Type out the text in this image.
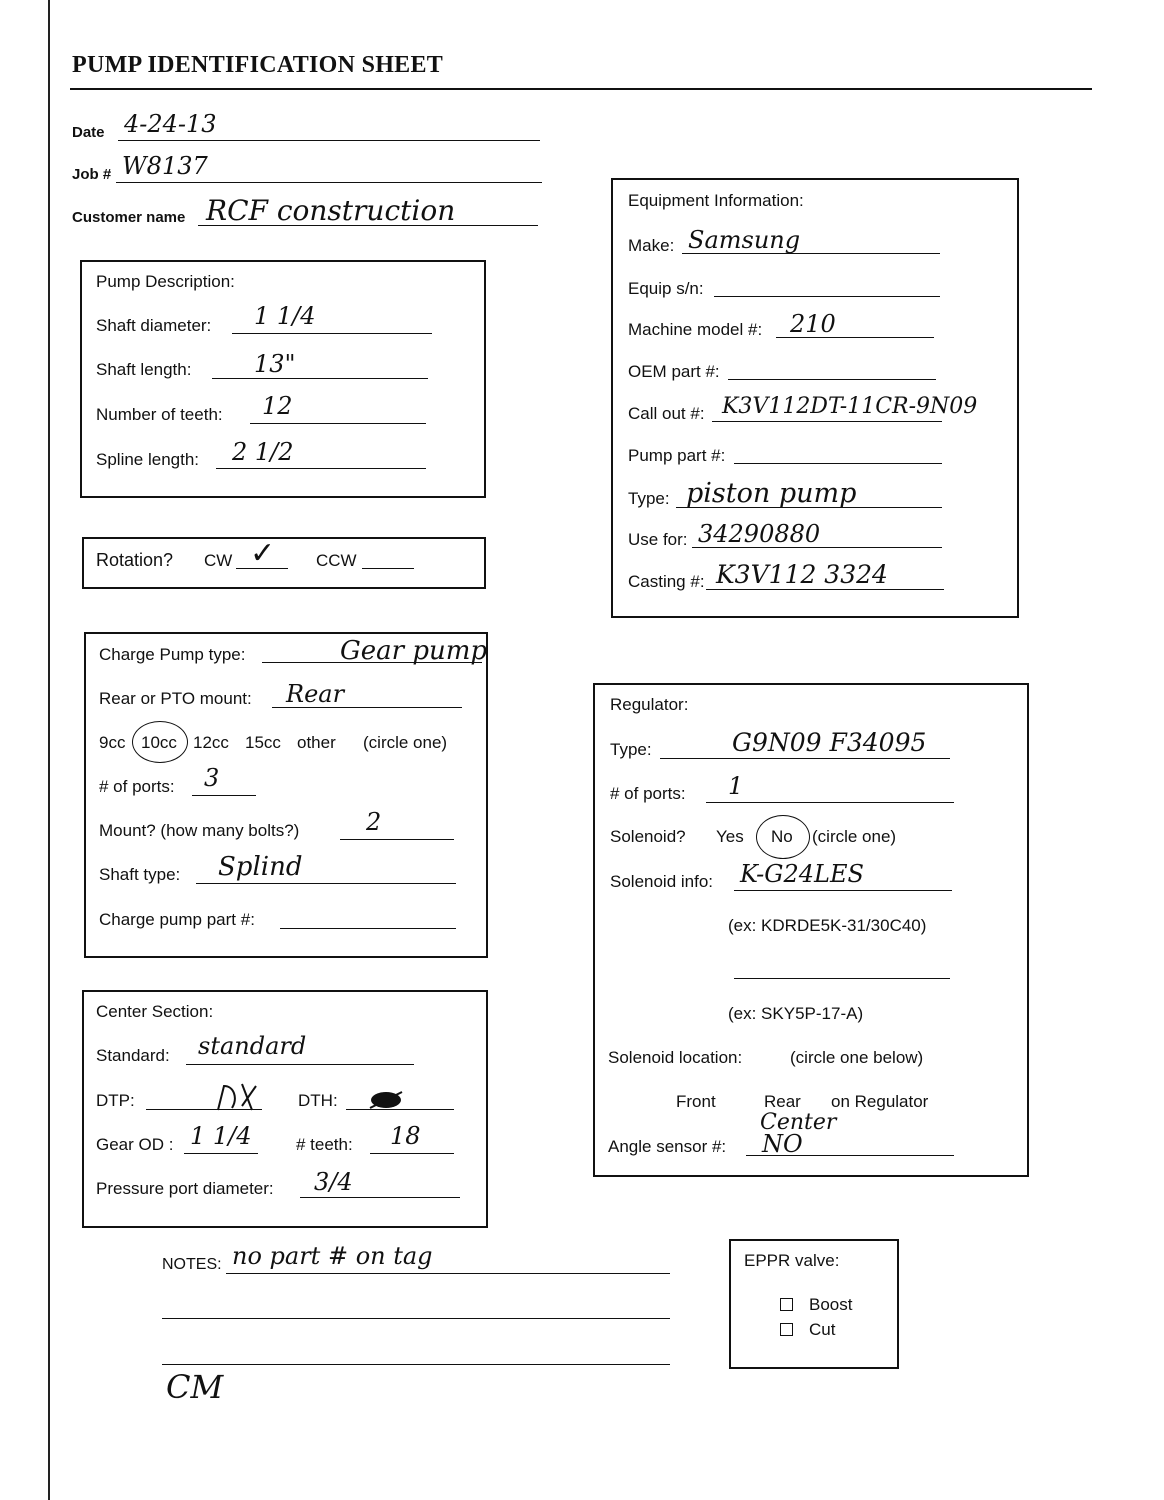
PUMP IDENTIFICATION SHEET
Date 4-24-13
Job # W8137
Customer name RCF construction
Pump Description:
Shaft diameter: 1 1/4
Shaft length:	13"
Number of teeth: 12
Spline length: 2 1/2
Rotation? CW ✓ CCW
Charge Pump type:	Gear pump
Rear or PTO mount: Rear
9cc 10cc 12cc 15cc other (circle one)
# of ports: 3
Mount? (how many bolts?)	2
Shaft type: Splind
Charge pump part #:
Center Section:
Standard: standard
DTP:	DTH:
Gear OD : 1 1/4	# teeth: 18
Pressure port diameter: 3/4
Equipment Information:
Make: Samsung
Equip s/n:
Machine model #: 210
OEM part #:
Call out #: K3V112DT-11CR-9N09
Pump part #:
Type: piston pump
Use for: 34290880
Casting #: K3V112 3324
Regulator:
Type:	G9N09 F34095
# of ports: 1
Solenoid? Yes No (circle one)
Solenoid info: K-G24LES
(ex: KDRDE5K-31/30C40)
(ex: SKY5P-17-A)
Solenoid location:	(circle one below)
Front	Rear on Regulator
Center
Angle sensor #: NO
NOTES: no part # on tag
CM
EPPR valve:
Boost
Cut
